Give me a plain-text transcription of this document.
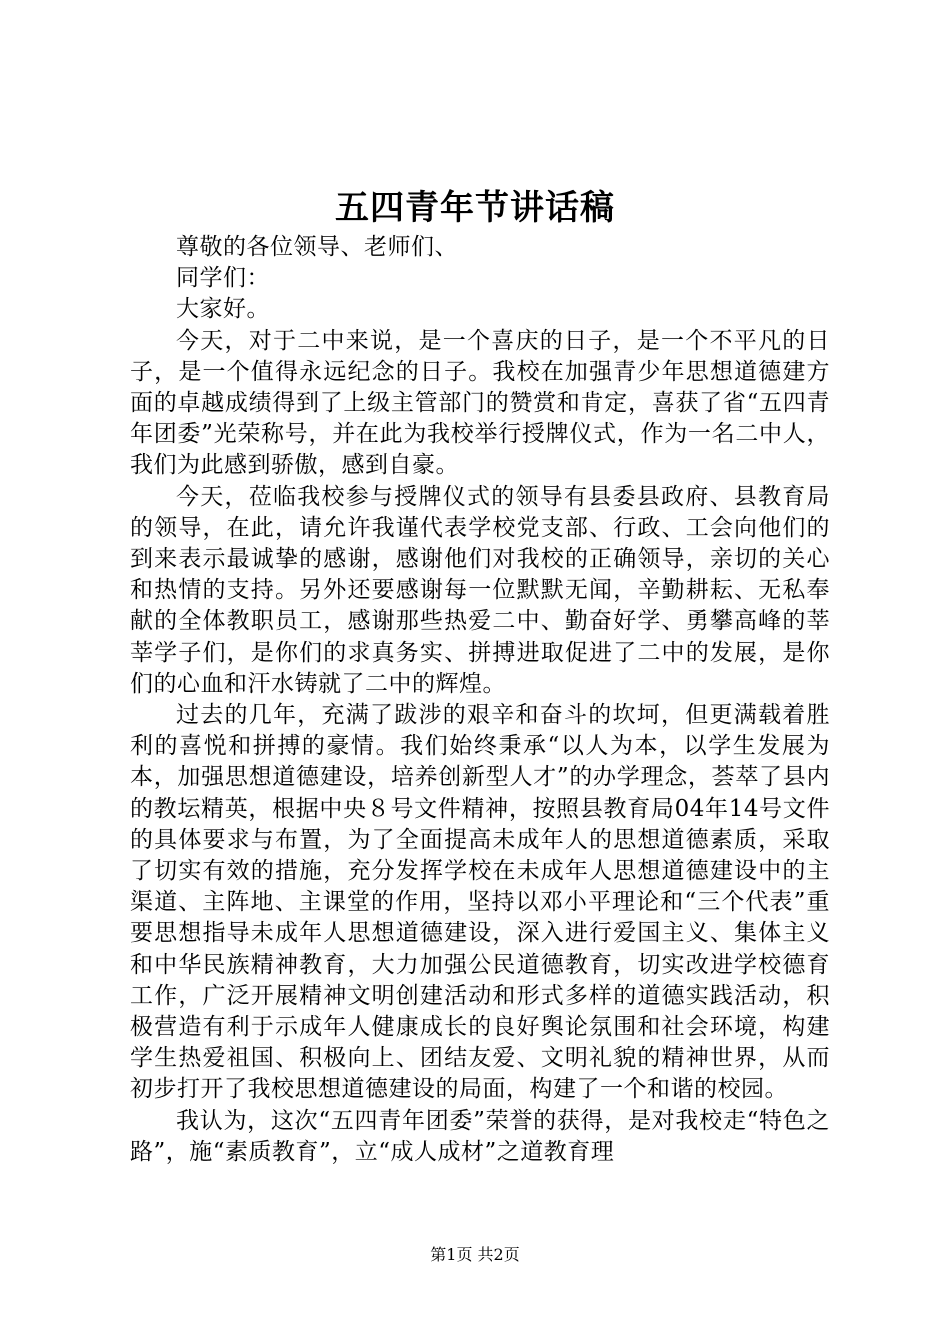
五四青年节讲话稿

尊敬的各位领导、老师们、

同学们：

大家好。

今天，对于二中来说，是一个喜庆的日子，是一个不平凡的日子，是一个值得永远纪念的日子。我校在加强青少年思想道德建方面的卓越成绩得到了上级主管部门的赞赏和肯定，喜获了省“五四青年团委”光荣称号，并在此为我校举行授牌仪式，作为一名二中人，我们为此感到骄傲，感到自豪。

今天，莅临我校参与授牌仪式的领导有县委县政府、县教育局的领导，在此，请允许我谨代表学校党支部、行政、工会向他们的到来表示最诚挚的感谢，感谢他们对我校的正确领导，亲切的关心和热情的支持。另外还要感谢每一位默默无闻，辛勤耕耘、无私奉献的全体教职员工，感谢那些热爱二中、勤奋好学、勇攀高峰的莘莘学子们，是你们的求真务实、拼搏进取促进了二中的发展，是你们的心血和汗水铸就了二中的辉煌。

过去的几年，充满了跋涉的艰辛和奋斗的坎坷，但更满载着胜利的喜悦和拼搏的豪情。我们始终秉承“以人为本，以学生发展为本，加强思想道德建设，培养创新型人才”的办学理念，荟萃了县内的教坛精英，根据中央８号文件精神，按照县教育局04年14号文件的具体要求与布置，为了全面提高未成年人的思想道德素质，采取了切实有效的措施，充分发挥学校在未成年人思想道德建设中的主渠道、主阵地、主课堂的作用，坚持以邓小平理论和“三个代表”重要思想指导未成年人思想道德建设，深入进行爱国主义、集体主义和中华民族精神教育，大力加强公民道德教育，切实改进学校德育工作，广泛开展精神文明创建活动和形式多样的道德实践活动，积极营造有利于示成年人健康成长的良好舆论氛围和社会环境，构建学生热爱祖国、积极向上、团结友爱、文明礼貌的精神世界，从而初步打开了我校思想道德建设的局面，构建了一个和谐的校园。

我认为，这次“五四青年团委”荣誉的获得，是对我校走“特色之路”，施“素质教育”，立“成人成材”之道教育理

第1页 共2页
